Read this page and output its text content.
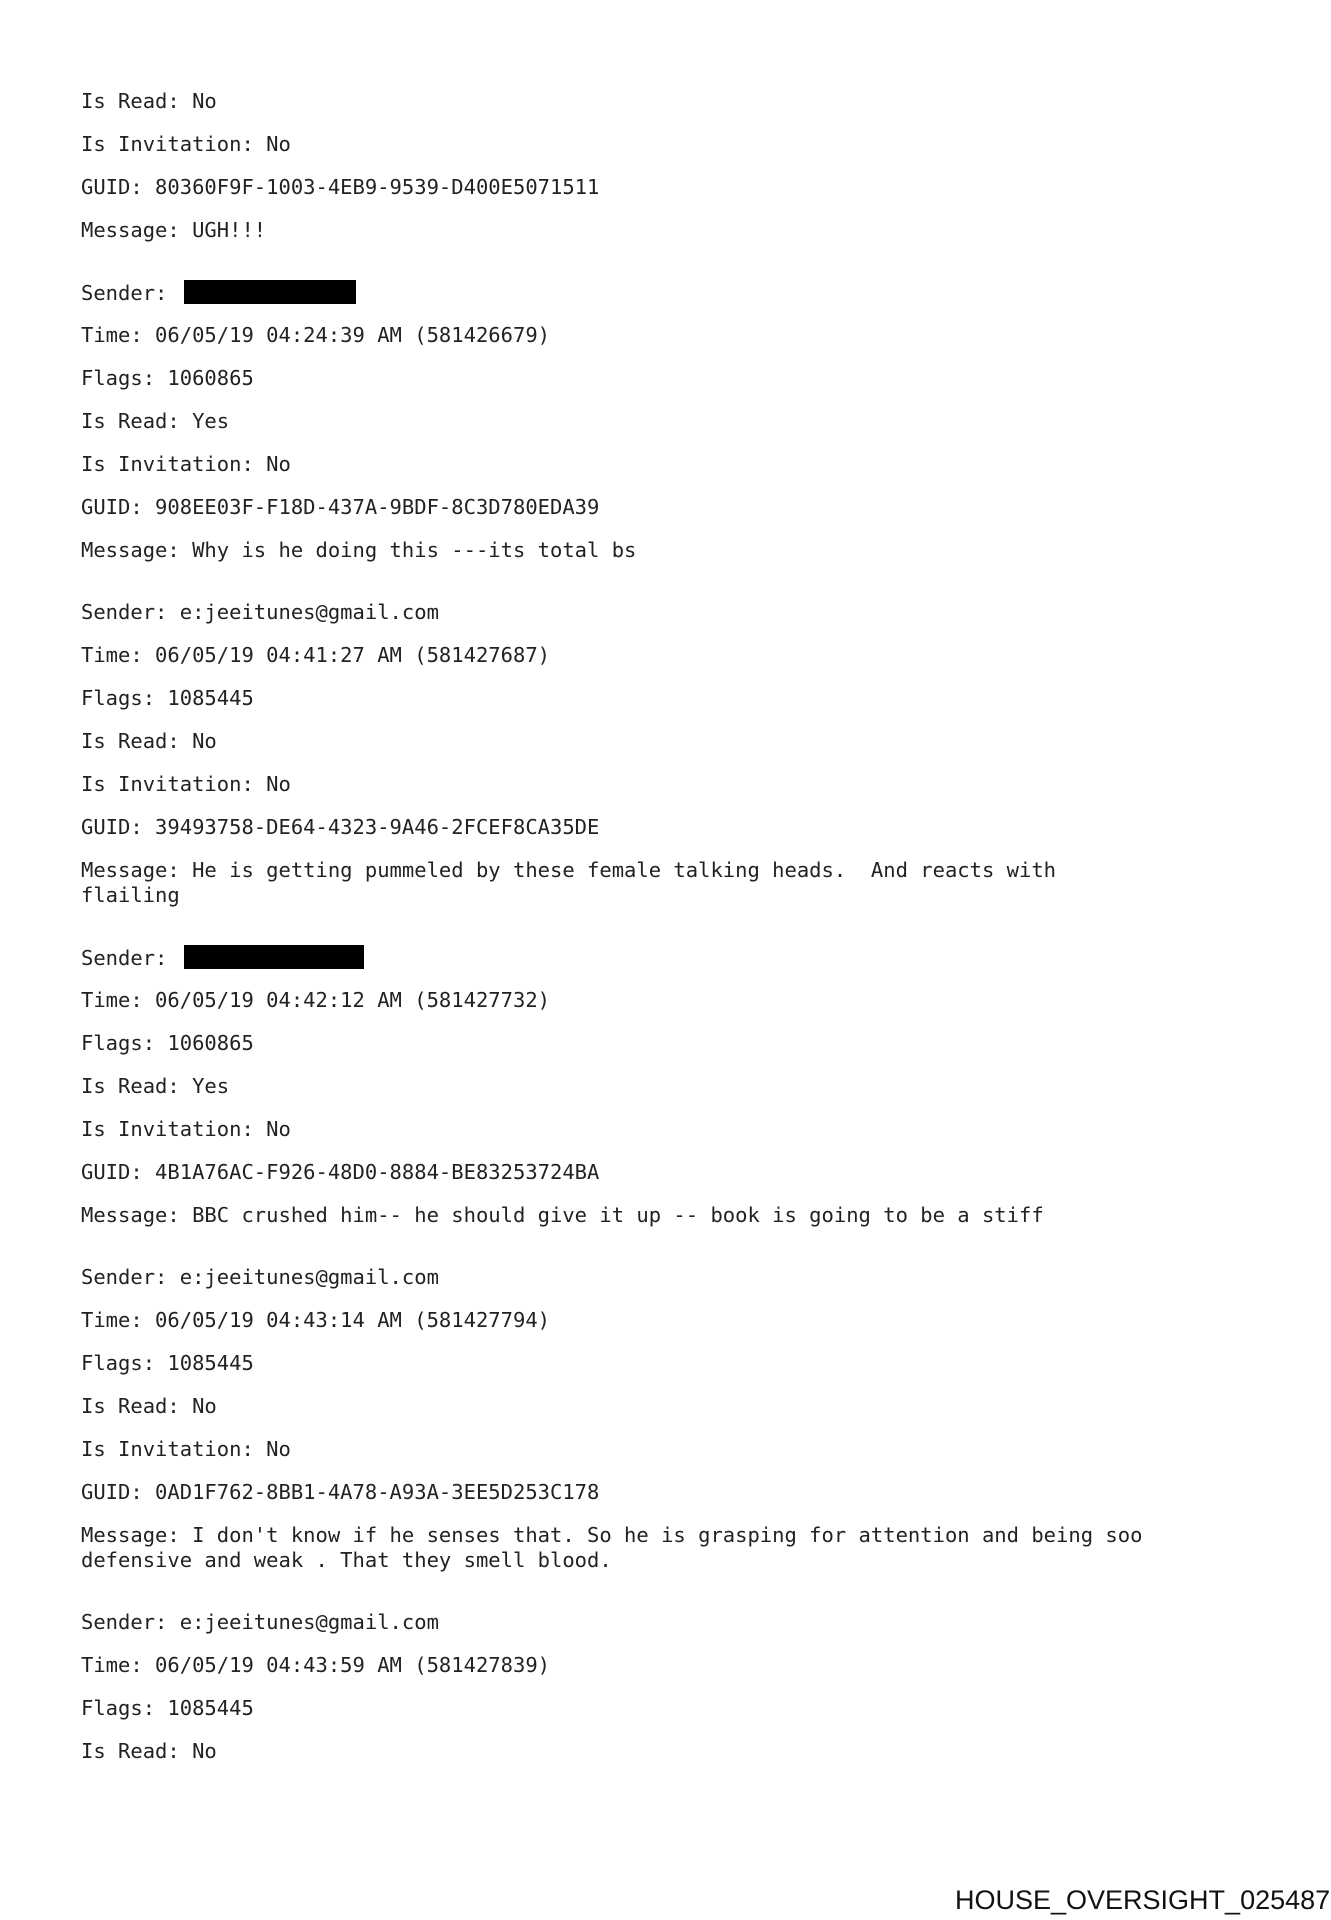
Is Read: No
Is Invitation: No
GUID: 80360F9F-1003-4EB9-9539-D400E5071511
Message: UGH!!!
Sender:
Time: 06/05/19 04:24:39 AM (581426679)
Flags: 1060865
Is Read: Yes
Is Invitation: No
GUID: 908EE03F-F18D-437A-9BDF-8C3D780EDA39
Message: Why is he doing this ---its total bs
Sender: e:jeeitunes@gmail.com
Time: 06/05/19 04:41:27 AM (581427687)
Flags: 1085445
Is Read: No
Is Invitation: No
GUID: 39493758-DE64-4323-9A46-2FCEF8CA35DE
Message: He is getting pummeled by these female talking heads.  And reacts with
flailing
Sender:
Time: 06/05/19 04:42:12 AM (581427732)
Flags: 1060865
Is Read: Yes
Is Invitation: No
GUID: 4B1A76AC-F926-48D0-8884-BE83253724BA
Message: BBC crushed him-- he should give it up -- book is going to be a stiff
Sender: e:jeeitunes@gmail.com
Time: 06/05/19 04:43:14 AM (581427794)
Flags: 1085445
Is Read: No
Is Invitation: No
GUID: 0AD1F762-8BB1-4A78-A93A-3EE5D253C178
Message: I don't know if he senses that. So he is grasping for attention and being soo
defensive and weak . That they smell blood.
Sender: e:jeeitunes@gmail.com
Time: 06/05/19 04:43:59 AM (581427839)
Flags: 1085445
Is Read: No
HOUSE_OVERSIGHT_025487
